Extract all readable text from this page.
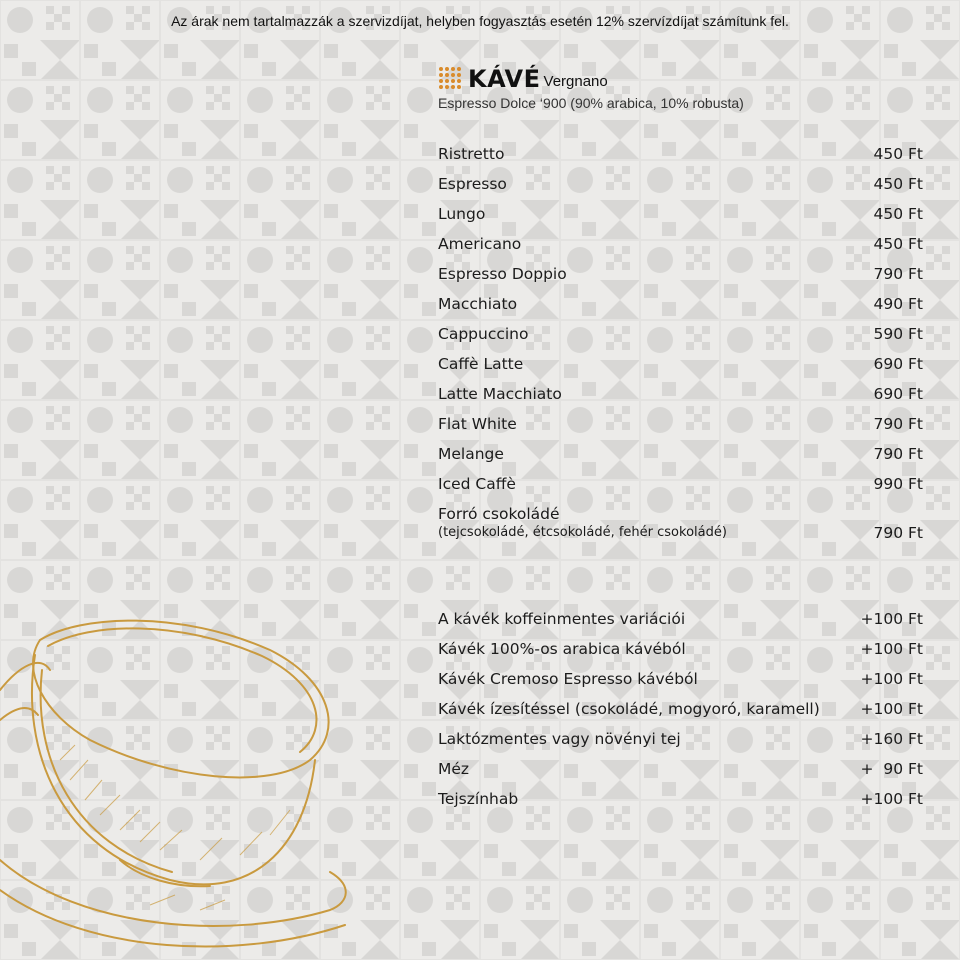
Az árak nem tartalmazzák a szervizdíjat, helyben fogyasztás esetén 12% szervízdíjat számítunk fel.
KÁVÉ Vergnano
Espresso Dolce ‘900 (90% arabica, 10% robusta)
Ristretto	450 Ft
Espresso	450 Ft
Lungo	450 Ft
Americano	450 Ft
Espresso Doppio	790 Ft
Macchiato	490 Ft
Cappuccino	590 Ft
Caffè Latte	690 Ft
Latte Macchiato	690 Ft
Flat White	790 Ft
Melange	790 Ft
Iced Caffè	990 Ft
Forró csokoládé
(tejcsokoládé, étcsokoládé, fehér csokoládé)	790 Ft
A kávék koffeinmentes variációi	+100 Ft
Kávék 100%-os arabica kávéból	+100 Ft
Kávék Cremoso Espresso kávéból	+100 Ft
Kávék ízesítéssel (csokoládé, mogyoró, karamell)	+100 Ft
Laktózmentes vagy növényi tej	+160 Ft
Méz	+  90 Ft
Tejszínhab	+100 Ft
